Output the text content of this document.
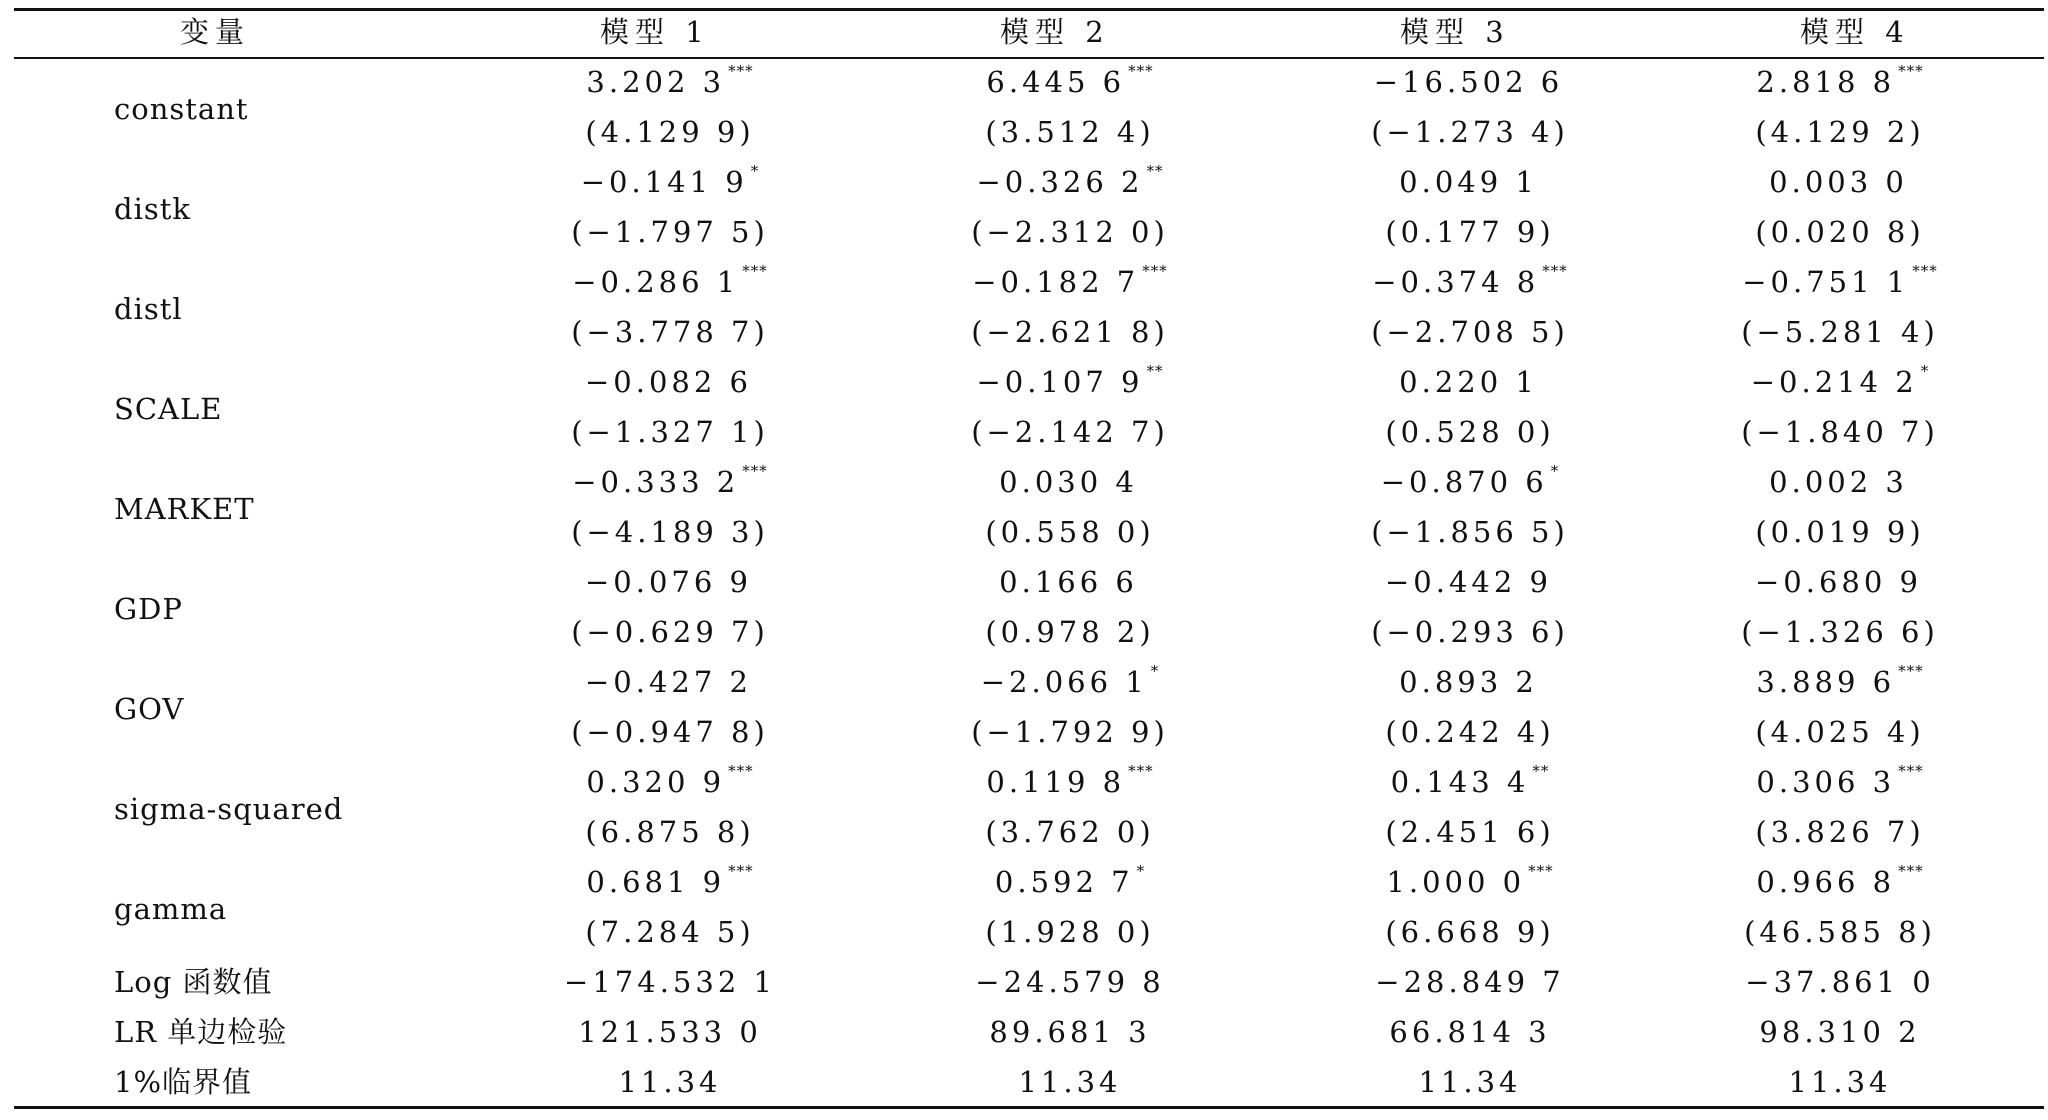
变量	模型 1	模型 2	模型 3	模型 4
constant
3.202 3 ***	6.445 6 ***	−16.502 6	2.818 8 ***
(4.129 9)	(3.512 4)	(−1.273 4)	(4.129 2)
distk
−0.141 9 *	−0.326 2 **	0.049 1	0.003 0
(−1.797 5)	(−2.312 0)	(0.177 9)	(0.020 8)
distl
−0.286 1 ***	−0.182 7 ***	−0.374 8 ***	−0.751 1 ***
(−3.778 7)	(−2.621 8)	(−2.708 5)	(−5.281 4)
SCALE
−0.082 6	−0.107 9 **	0.220 1	−0.214 2 *
(−1.327 1)	(−2.142 7)	(0.528 0)	(−1.840 7)
MARKET
−0.333 2 ***	0.030 4	−0.870 6 *	0.002 3
(−4.189 3)	(0.558 0)	(−1.856 5)	(0.019 9)
GDP
−0.076 9	0.166 6	−0.442 9	−0.680 9
(−0.629 7)	(0.978 2)	(−0.293 6)	(−1.326 6)
GOV
−0.427 2	−2.066 1 *	0.893 2	3.889 6 ***
(−0.947 8)	(−1.792 9)	(0.242 4)	(4.025 4)
sigma-squared
0.320 9 ***	0.119 8 ***	0.143 4 **	0.306 3 ***
(6.875 8)	(3.762 0)	(2.451 6)	(3.826 7)
gamma
0.681 9 ***	0.592 7 *	1.000 0 ***	0.966 8 ***
(7.284 5)	(1.928 0)	(6.668 9)	(46.585 8)
Log 函数值	−174.532 1	−24.579 8	−28.849 7	−37.861 0
LR 单边检验	121.533 0	89.681 3	66.814 3	98.310 2
1%临界值	11.34	11.34	11.34	11.34
